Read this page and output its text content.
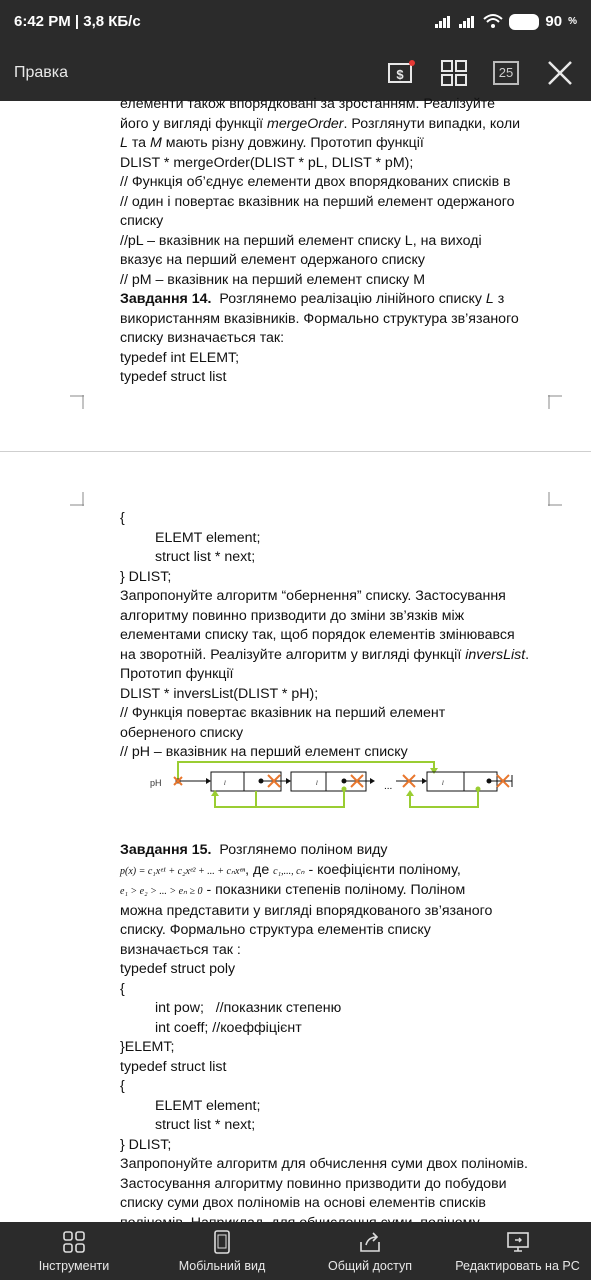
6:42 PM | 3,8 КБ/с	90 %
Правка	$	25

елементи також впорядковані за зростанням. Реалізуйте

його у вигляді функції mergeOrder. Розглянути випадки, коли

L та M мають різну довжину. Прототип функції

DLIST * mergeOrder(DLIST * pL, DLIST * pM);

// Функція об’єднує елементи двох впорядкованих списків в

// один і повертає вказівник на перший елемент одержаного

списку

//pL – вказівник на перший елемент списку L, на виході

вказує на перший елемент одержаного списку

// pM – вказівник на перший елемент списку M

Завдання 14.  Розглянемо реалізацію лінійного списку L з

використанням вказівників. Формально структура зв’язаного

списку визначається так:

typedef int ELEMT;

typedef struct list

{

ELEMT element;

struct list * next;

} DLIST;

Запропонуйте алгоритм “обернення” списку. Застосування

алгоритму повинно призводити до зміни зв’язків між

елементами списку так, щоб порядок елементів змінювався

на зворотній. Реалізуйте алгоритм у вигляді функції inversList.

Прототип функції

DLIST * inversList(DLIST * pH);

// Функція повертає вказівник на перший елемент

оберненого списку

// pH – вказівник на перший елемент списку

pH	l	l	...	l

Завдання 15.  Розглянемо поліном виду

p(x) = c₁xᵉ¹ + c₂xᵉ² + ... + cₙxᵉⁿ, де c₁,..., cₙ - коефіцієнти поліному,

e₁ > e₂ > ... > eₙ ≥ 0 - показники степенів поліному. Поліном

можна представити у вигляді впорядкованого зв’язаного

списку. Формально структура елементів списку

визначається так :

typedef struct poly

{

int pow;   //показник степеню

int coeff; //коеффіцієнт

}ELEMT;

typedef struct list

{

ELEMT element;

struct list * next;

} DLIST;

Запропонуйте алгоритм для обчислення суми двох поліномів.

Застосування алгоритму повинно призводити до побудови

списку суми двох поліномів на основі елементів списків

Інструменти	Мобільний вид	Общий доступ	Редактировать на PC
